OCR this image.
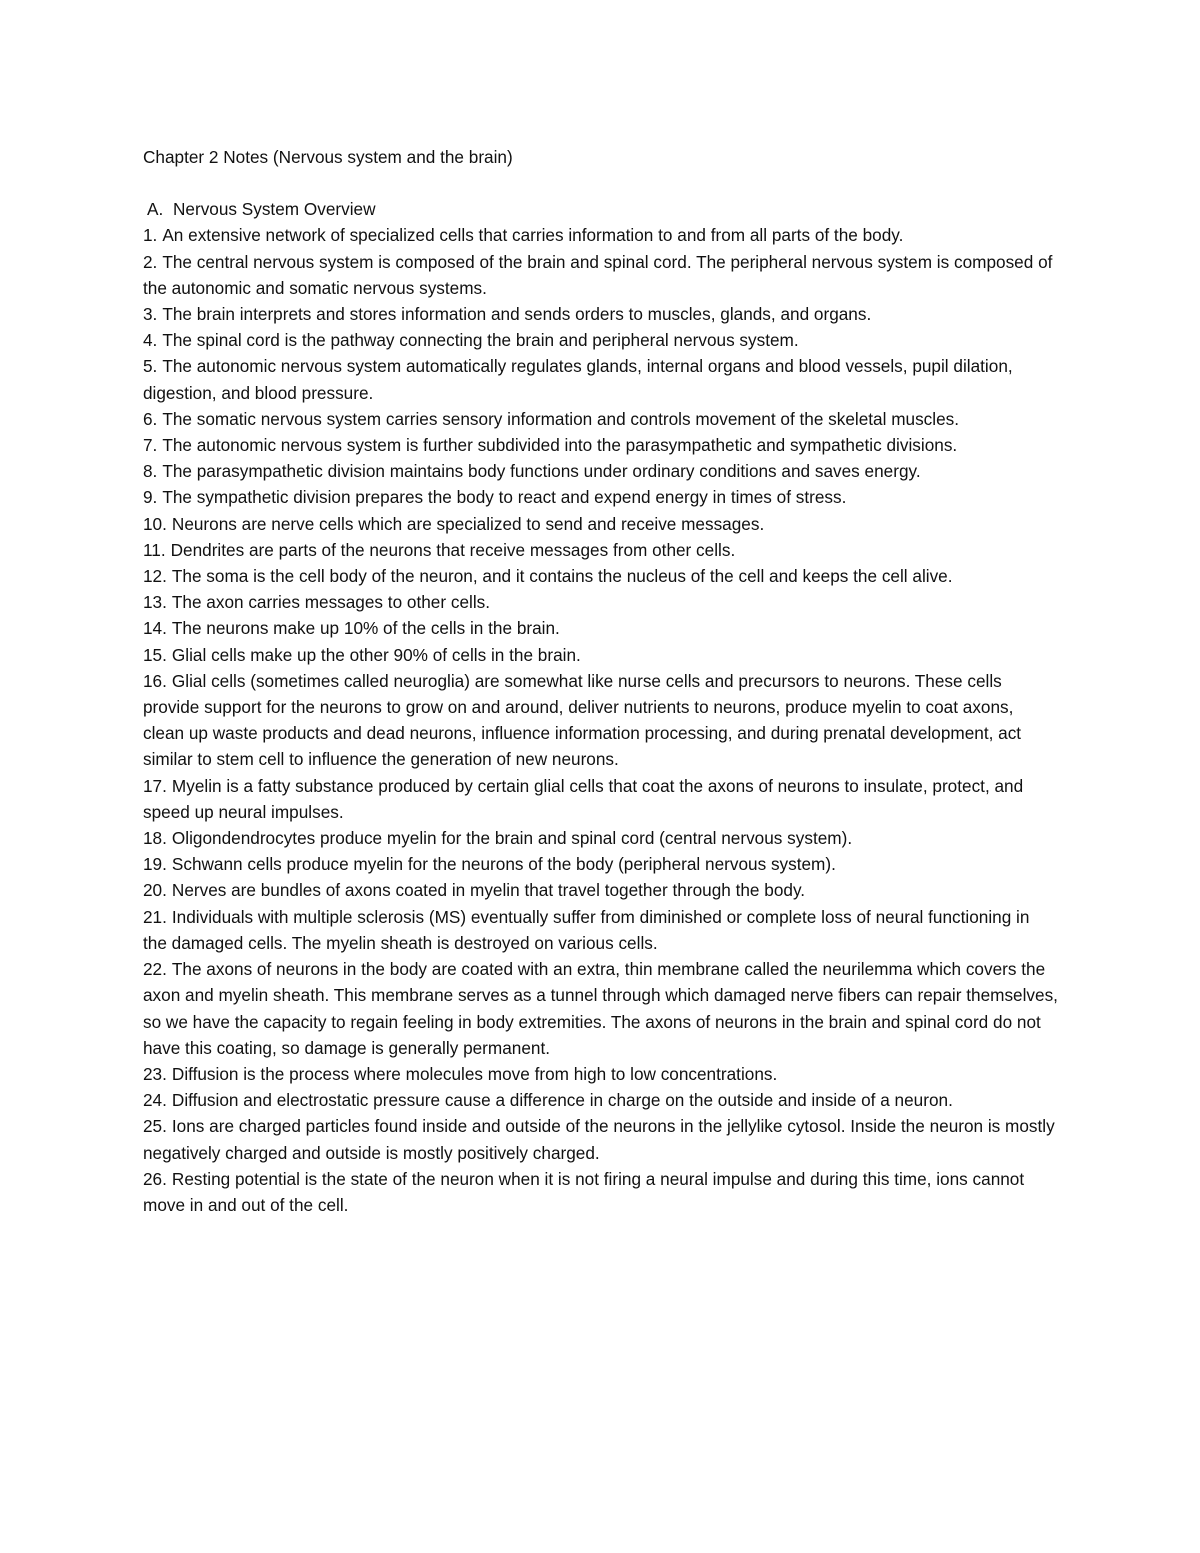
Chapter 2 Notes (Nervous system and the brain)

A. Nervous System Overview

1. An extensive network of specialized cells that carries information to and from all parts of the body.
2. The central nervous system is composed of the brain and spinal cord. The peripheral nervous system is composed of the autonomic and somatic nervous systems.
3. The brain interprets and stores information and sends orders to muscles, glands, and organs.
4. The spinal cord is the pathway connecting the brain and peripheral nervous system.
5. The autonomic nervous system automatically regulates glands, internal organs and blood vessels, pupil dilation, digestion, and blood pressure.
6. The somatic nervous system carries sensory information and controls movement of the skeletal muscles.
7. The autonomic nervous system is further subdivided into the parasympathetic and sympathetic divisions.
8. The parasympathetic division maintains body functions under ordinary conditions and saves energy.
9. The sympathetic division prepares the body to react and expend energy in times of stress.
10. Neurons are nerve cells which are specialized to send and receive messages.
11. Dendrites are parts of the neurons that receive messages from other cells.
12. The soma is the cell body of the neuron, and it contains the nucleus of the cell and keeps the cell alive.
13. The axon carries messages to other cells.
14. The neurons make up 10% of the cells in the brain.
15. Glial cells make up the other 90% of cells in the brain.
16. Glial cells (sometimes called neuroglia) are somewhat like nurse cells and precursors to neurons. These cells provide support for the neurons to grow on and around, deliver nutrients to neurons, produce myelin to coat axons, clean up waste products and dead neurons, influence information processing, and during prenatal development, act similar to stem cell to influence the generation of new neurons.
17. Myelin is a fatty substance produced by certain glial cells that coat the axons of neurons to insulate, protect, and speed up neural impulses.
18. Oligondendrocytes produce myelin for the brain and spinal cord (central nervous system).
19. Schwann cells produce myelin for the neurons of the body (peripheral nervous system).
20. Nerves are bundles of axons coated in myelin that travel together through the body.
21. Individuals with multiple sclerosis (MS) eventually suffer from diminished or complete loss of neural functioning in the damaged cells. The myelin sheath is destroyed on various cells.
22. The axons of neurons in the body are coated with an extra, thin membrane called the neurilemma which covers the axon and myelin sheath. This membrane serves as a tunnel through which damaged nerve fibers can repair themselves, so we have the capacity to regain feeling in body extremities. The axons of neurons in the brain and spinal cord do not have this coating, so damage is generally permanent.
23. Diffusion is the process where molecules move from high to low concentrations.
24. Diffusion and electrostatic pressure cause a difference in charge on the outside and inside of a neuron.
25. Ions are charged particles found inside and outside of the neurons in the jellylike cytosol. Inside the neuron is mostly negatively charged and outside is mostly positively charged.
26. Resting potential is the state of the neuron when it is not firing a neural impulse and during this time, ions cannot move in and out of the cell.
